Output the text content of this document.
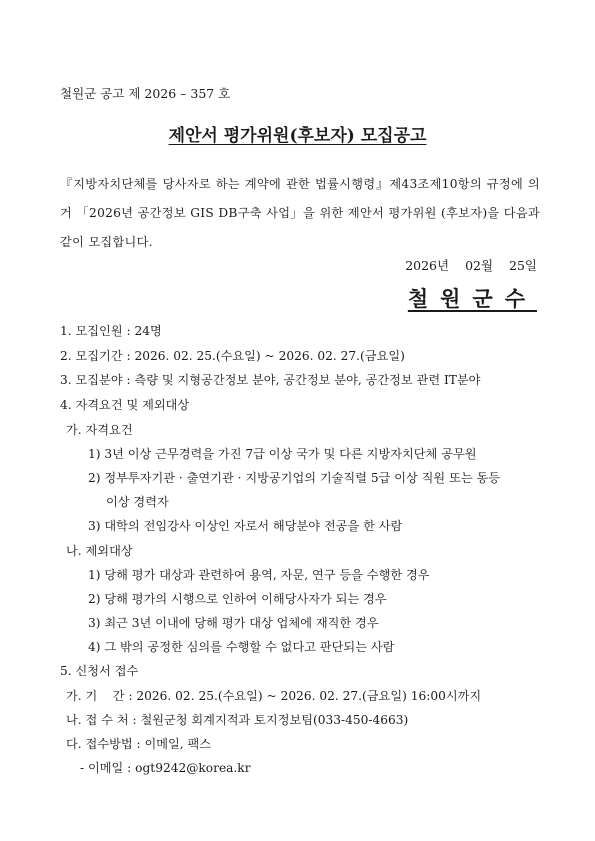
철원군 공고 제 2026 – 357 호
제안서 평가위원(후보자) 모집공고
『지방자치단체를 당사자로 하는 계약에 관한 법률시행령』제43조제10항의 규정에 의거 「2026년 공간정보 GIS DB구축 사업」을 위한 제안서 평가위원 (후보자)을 다음과 같이 모집합니다.
2026년 02월 25일
철원군수
1. 모집인원 : 24명
2. 모집기간 : 2026. 02. 25.(수요일) ~ 2026. 02. 27.(금요일)
3. 모집분야 : 측량 및 지형공간정보 분야, 공간정보 분야, 공간정보 관련 IT분야
4. 자격요건 및 제외대상
가. 자격요건
1) 3년 이상 근무경력을 가진 7급 이상 국가 및 다른 지방자치단체 공무원
2) 정부투자기관 · 출연기관 · 지방공기업의 기술직렬 5급 이상 직원 또는 동등
이상 경력자
3) 대학의 전임강사 이상인 자로서 해당분야 전공을 한 사람
나. 제외대상
1) 당해 평가 대상과 관련하여 용역, 자문, 연구 등을 수행한 경우
2) 당해 평가의 시행으로 인하여 이해당사자가 되는 경우
3) 최근 3년 이내에 당해 평가 대상 업체에 재직한 경우
4) 그 밖의 공정한 심의를 수행할 수 없다고 판단되는 사람
5. 신청서 접수
가. 기    간 : 2026. 02. 25.(수요일) ~ 2026. 02. 27.(금요일) 16:00시까지
나. 접 수 처 : 철원군청 회계지적과 토지정보팀(033-450-4663)
다. 접수방법 : 이메일, 팩스
- 이메일 : ogt9242@korea.kr
